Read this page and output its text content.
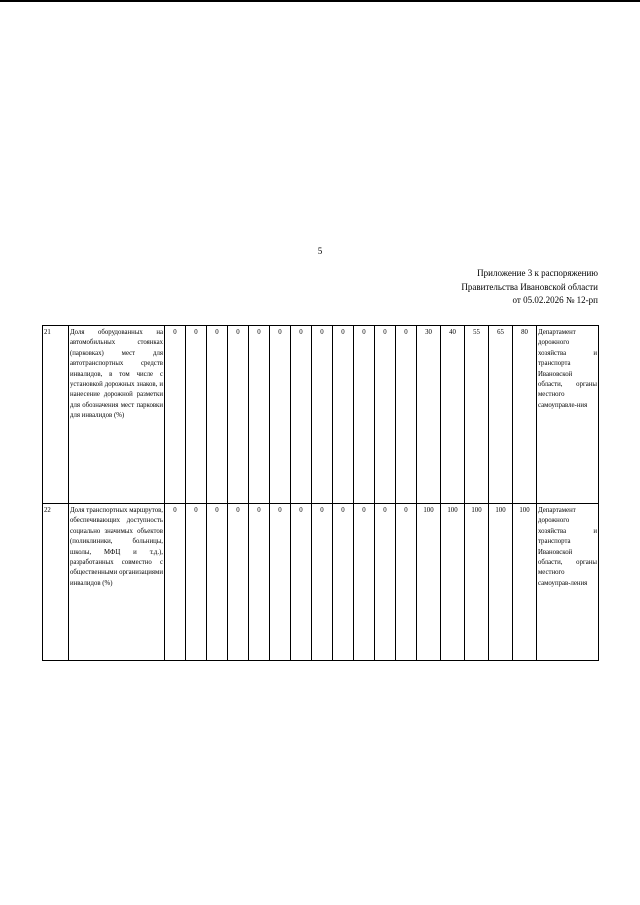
5
Приложение 3 к распоряжению
Правительства Ивановской области
от 05.02.2026 № 12-рп
21	Доля оборудованных на автомобильных стоянках (парковках) мест для автотранспортных средств инвалидов, в том числе с установкой дорожных знаков, и нанесение дорожной разметки для обозначения мест парковки для инвалидов (%)	0	0	0	0	0	0	0	0	0	0	0	0	30	40	55	65	80	Департамент дорожного хозяйства и транспорта Ивановской области, органы местного самоуправле-ния
22	Доля транспортных маршрутов, обеспечивающих доступность социально значимых объектов (поликлиники, больницы, школы, МФЦ и т.д.), разработанных совместно с общественными организациями инвалидов (%)	0	0	0	0	0	0	0	0	0	0	0	0	100	100	100	100	100	Департамент дорожного хозяйства и транспорта Ивановской области, органы местного самоуправ-ления
